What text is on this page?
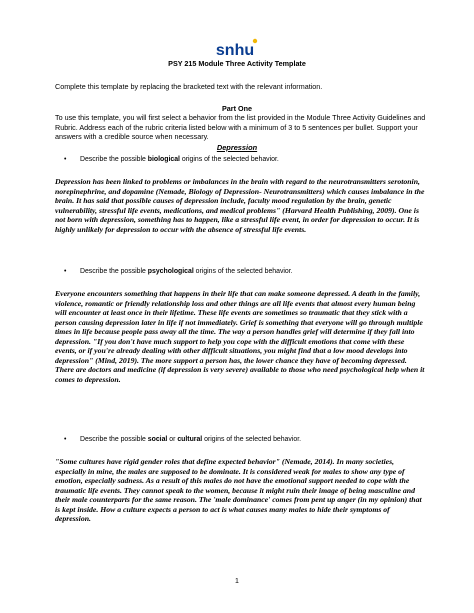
snhu
PSY 215 Module Three Activity Template
Complete this template by replacing the bracketed text with the relevant information.
Part One
To use this template, you will first select a behavior from the list provided in the Module Three Activity Guidelines and Rubric. Address each of the rubric criteria listed below with a minimum of 3 to 5 sentences per bullet. Support your answers with a credible source when necessary.
Depression
• Describe the possible biological origins of the selected behavior.
Depression has been linked to problems or imbalances in the brain with regard to the neurotransmitters serotonin, norepinephrine, and dopamine (Nemade, Biology of Depression- Neurotransmitters) which causes imbalance in the brain. It has said that possible causes of depression include, faculty mood regulation by the brain, genetic vulnerability, stressful life events, medications, and medical problems" (Harvard Health Publishing, 2009). One is not born with depression, something has to happen, like a stressful life event, in order for depression to occur. It is highly unlikely for depression to occur with the absence of stressful life events.
• Describe the possible psychological origins of the selected behavior.
Everyone encounters something that happens in their life that can make someone depressed. A death in the family, violence, romantic or friendly relationship loss and other things are all life events that almost every human being will encounter at least once in their lifetime. These life events are sometimes so traumatic that they stick with a person causing depression later in life if not immediately. Grief is something that everyone will go through multiple times in life because people pass away all the time. The way a person handles grief will determine if they fall into depression. "If you don't have much support to help you cope with the difficult emotions that come with these events, or if you're already dealing with other difficult situations, you might find that a low mood develops into depression" (Mind, 2019). The more support a person has, the lower chance they have of becoming depressed. There are doctors and medicine (if depression is very severe) available to those who need psychological help when it comes to depression.
• Describe the possible social or cultural origins of the selected behavior.
"Some cultures have rigid gender roles that define expected behavior" (Nemade, 2014). In many societies, especially in mine, the males are supposed to be dominate. It is considered weak for males to show any type of emotion, especially sadness. As a result of this males do not have the emotional support needed to cope with the traumatic life events. They cannot speak to the women, because it might ruin their image of being masculine and their male counterparts for the same reason. The 'male dominance' comes from pent up anger (in my opinion) that is kept inside. How a culture expects a person to act is what causes many males to hide their symptoms of depression.
1
